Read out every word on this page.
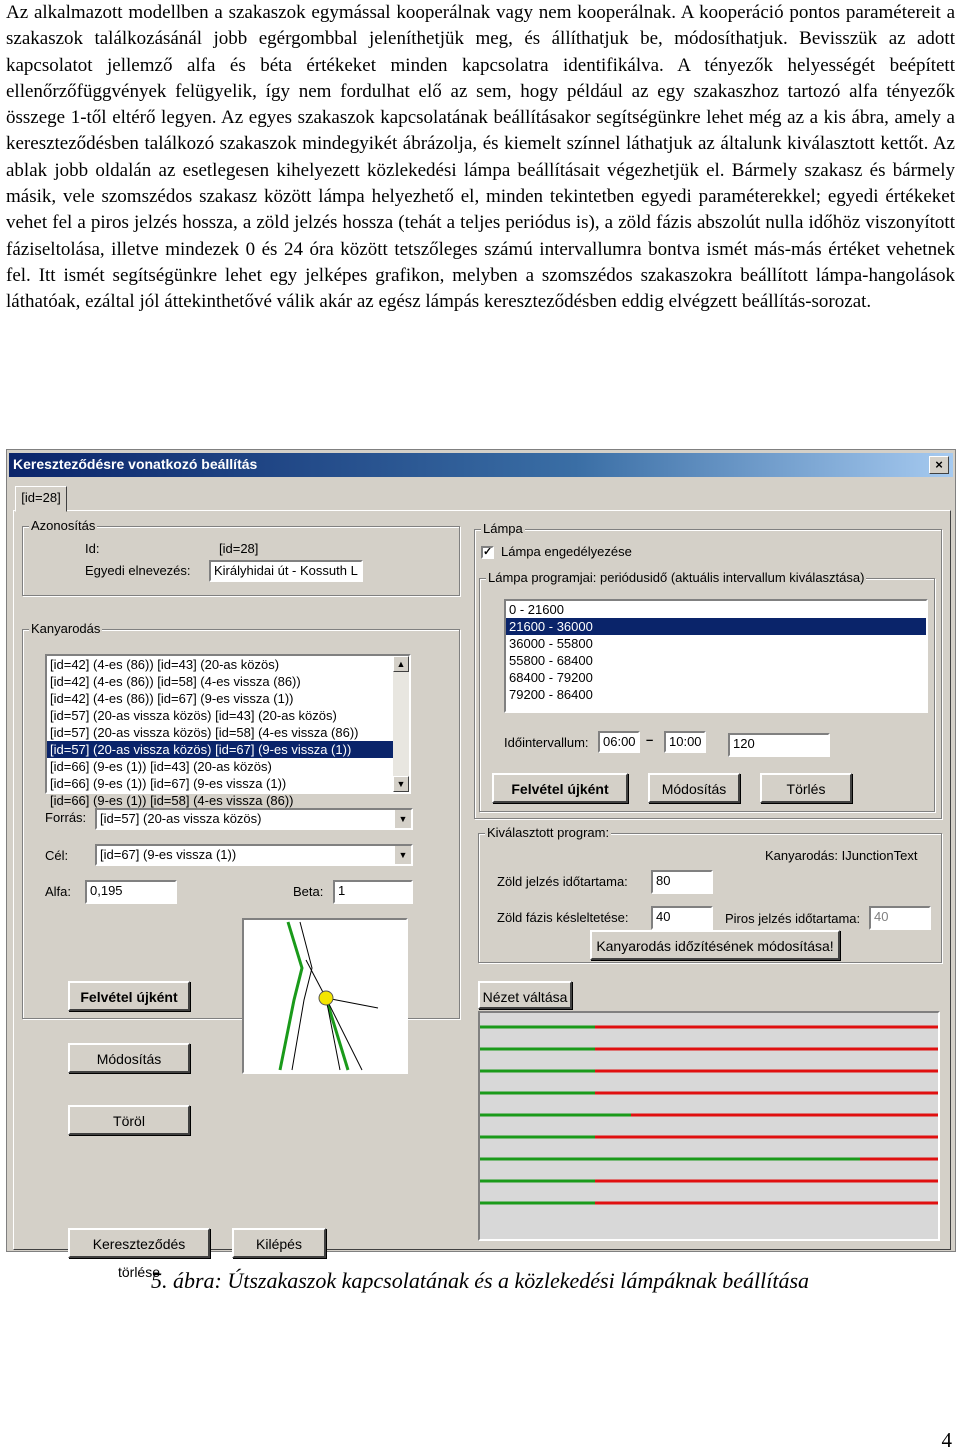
Az alkalmazott modellben a szakaszok egymással kooperálnak vagy nem kooperálnak. A kooperáció pontos paramétereit a szakaszok találkozásánál jobb egérgombbal jeleníthetjük meg, és állíthatjuk be, módosíthatjuk. Bevisszük az adott kapcsolatot jellemző alfa és béta értékeket minden kapcsolatra identifikálva. A tényezők helyességét beépített ellenőrzőfüggvények felügyelik, így nem fordulhat elő az sem, hogy például az egy szakaszhoz tartozó alfa tényezők összege 1-től eltérő legyen. Az egyes szakaszok kapcsolatának beállításakor segítségünkre lehet még az a kis ábra, amely a kereszteződésben találkozó szakaszok mindegyikét ábrázolja, és kiemelt színnel láthatjuk az általunk kiválasztott kettőt. Az ablak jobb oldalán az esetlegesen kihelyezett közlekedési lámpa beállításait végezhetjük el. Bármely szakasz és bármely másik, vele szomszédos szakasz között lámpa helyezhető el, minden tekintetben egyedi paraméterekkel; egyedi értékeket vehet fel a piros jelzés hossza, a zöld jelzés hossza (tehát a teljes periódus is), a zöld fázis abszolút nulla időhöz viszonyított fáziseltolása, illetve mindezek 0 és 24 óra között tetszőleges számú intervallumra bontva ismét más-más értéket vehetnek fel. Itt ismét segítségünkre lehet egy jelképes grafikon, melyben a szomszédos szakaszokra beállított lámpa-hangolások láthatóak, ezáltal jól áttekinthetővé válik akár az egész lámpás kereszteződésben eddig elvégzett beállítás-sorozat.

Kereszteződésre vonatkozó beállítás	×
[id=28]
Azonosítás
Id:	[id=28]
Egyedi elnevezés:	Királyhidai út - Kossuth L
Kanyarodás
[id=42] (4-es (86)) [id=43] (20-as közös)
[id=42] (4-es (86)) [id=58] (4-es vissza (86))
[id=42] (4-es (86)) [id=67] (9-es vissza (1))
[id=57] (20-as vissza közös) [id=43] (20-as közös)
[id=57] (20-as vissza közös) [id=58] (4-es vissza (86))
[id=57] (20-as vissza közös) [id=67] (9-es vissza (1))
[id=66] (9-es (1)) [id=43] (20-as közös)
[id=66] (9-es (1)) [id=67] (9-es vissza (1))
[id=66] (9-es (1)) [id=58] (4-es vissza (86))
▲
▼
Forrás:	[id=57] (20-as vissza közös)	▼
Cél:	[id=67] (9-es vissza (1))	▼
Alfa:	0,195	Beta:	1
Felvétel újként
Módosítás
Töröl
Kereszteződés törlése
Kilépés
Lámpa
✓ Lámpa engedélyezése
Lámpa programjai: periódusidő (aktuális intervallum kiválasztása)
0 - 21600
21600 - 36000
36000 - 55800
55800 - 68400
68400 - 79200
79200 - 86400
Időintervallum:	06:00 –	10:00	120
Felvétel újként	Módosítás	Törlés
Kiválasztott program:
Kanyarodás: IJunctionText
Zöld jelzés időtartama:	80
Zöld fázis késleltetése:	40	Piros jelzés időtartama:	40
Kanyarodás időzítésének módosítása!
Nézet váltása
5. ábra: Útszakaszok kapcsolatának és a közlekedési lámpáknak beállítása
4
